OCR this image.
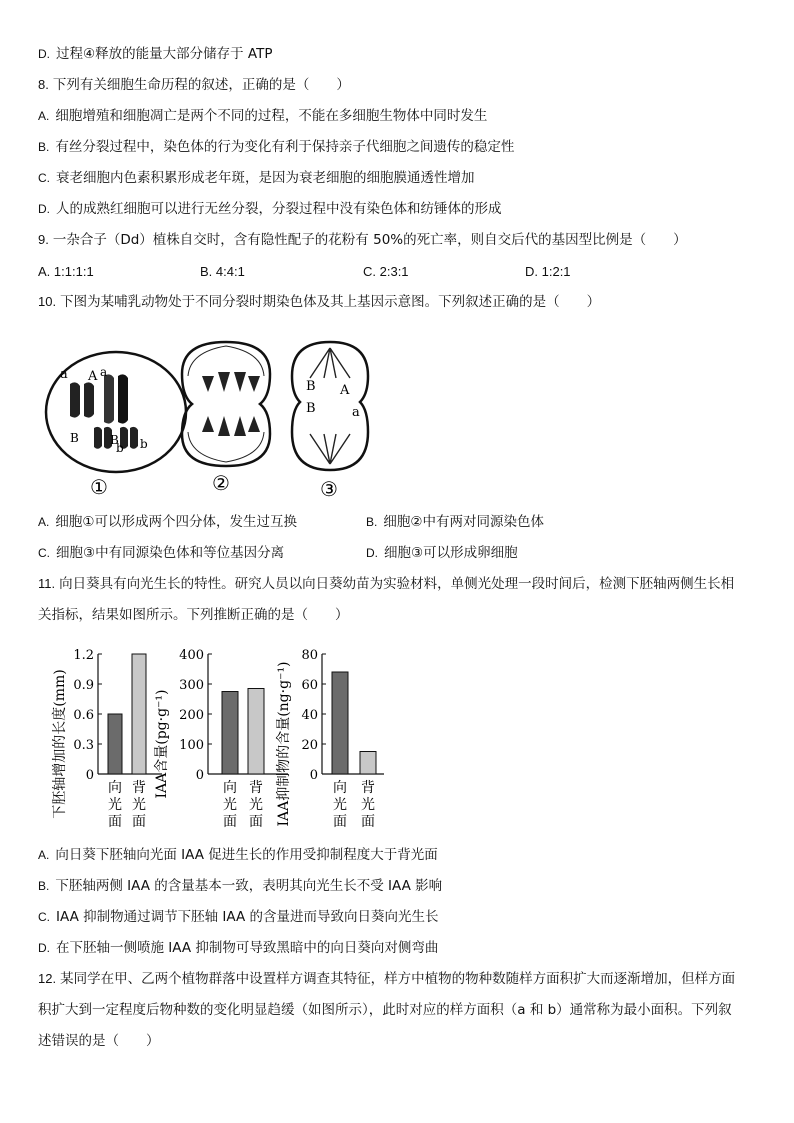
D. 过程④释放的能量大部分储存于 ATP
8. 下列有关细胞生命历程的叙述，正确的是（　　）
A. 细胞增殖和细胞凋亡是两个不同的过程，不能在多细胞生物体中同时发生
B. 有丝分裂过程中，染色体的行为变化有利于保持亲子代细胞之间遗传的稳定性
C. 衰老细胞内色素积累形成老年斑，是因为衰老细胞的细胞膜通透性增加
D. 人的成熟红细胞可以进行无丝分裂，分裂过程中没有染色体和纺锤体的形成
9. 一杂合子（Dd）植株自交时，含有隐性配子的花粉有 50%的死亡率，则自交后代的基因型比例是（　　）
A. 1:1:1:1	B. 4:4:1	C. 2:3:1	D. 1:2:1
10. 下图为某哺乳动物处于不同分裂时期染色体及其上基因示意图。下列叙述正确的是（　　）
a A a
B	B
b b
①	②
B A
B	a
③
A. 细胞①可以形成两个四分体，发生过互换	B. 细胞②中有两对同源染色体
C. 细胞③中有同源染色体和等位基因分离	D. 细胞③可以形成卵细胞
11. 向日葵具有向光生长的特性。研究人员以向日葵幼苗为实验材料，单侧光处理一段时间后，检测下胚轴两侧生长相
关指标，结果如图所示。下列推断正确的是（　　）
0
0.3
0.6
0.9
1.2
向
光
面
背
光
面
下胚轴增加的长度(mm)	0
100
200
300
400
向
光
面
背
光
面
IAA含量(pg·g⁻¹)	0
20
40
60
80
向
光
面
背
光
面
IAA抑制物的含量(ng·g⁻¹)
A. 向日葵下胚轴向光面 IAA 促进生长的作用受抑制程度大于背光面
B. 下胚轴两侧 IAA 的含量基本一致，表明其向光生长不受 IAA 影响
C. IAA 抑制物通过调节下胚轴 IAA 的含量进而导致向日葵向光生长
D. 在下胚轴一侧喷施 IAA 抑制物可导致黑暗中的向日葵向对侧弯曲
12. 某同学在甲、乙两个植物群落中设置样方调查其特征，样方中植物的物种数随样方面积扩大而逐渐增加，但样方面
积扩大到一定程度后物种数的变化明显趋缓（如图所示），此时对应的样方面积（a 和 b）通常称为最小面积。下列叙
述错误的是（　　）
